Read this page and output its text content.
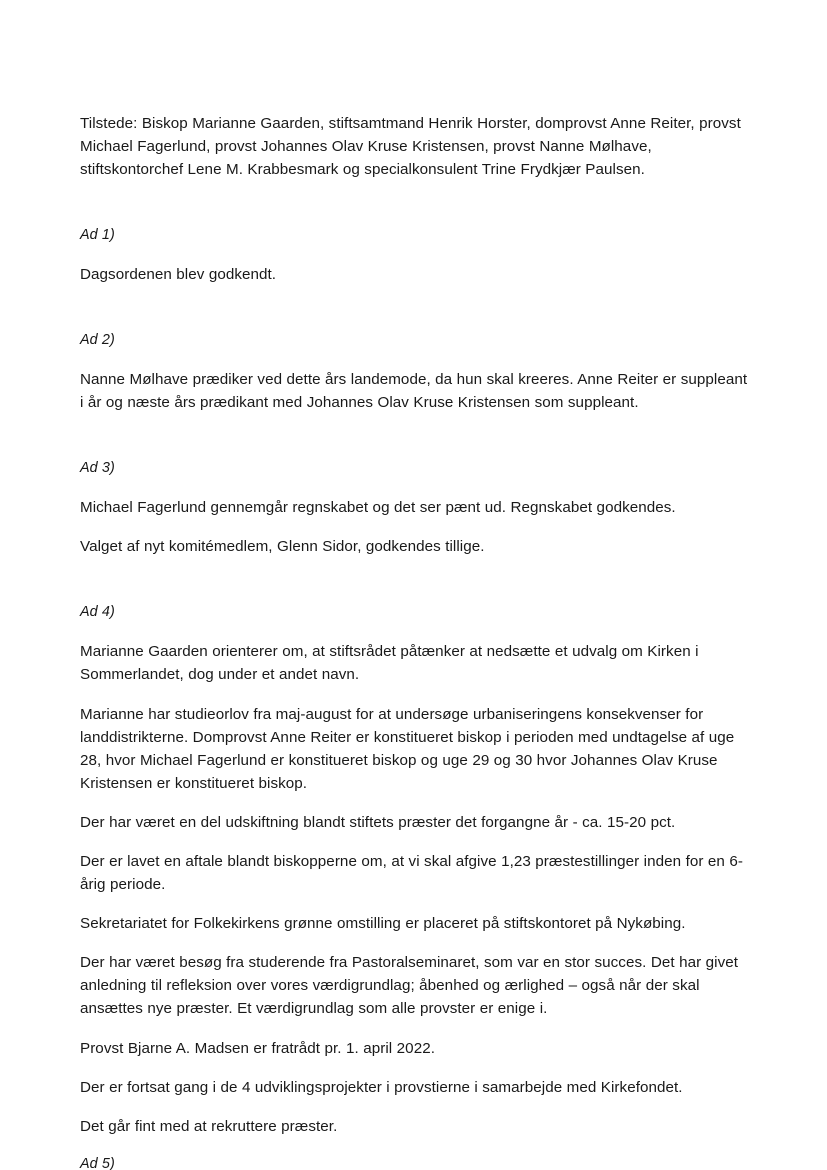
Tilstede: Biskop Marianne Gaarden, stiftsamtmand Henrik Horster, domprovst Anne Reiter, provst Michael Fagerlund, provst Johannes Olav Kruse Kristensen, provst Nanne Mølhave, stiftskontorchef Lene M. Krabbesmark og specialkonsulent Trine Frydkjær Paulsen.

Ad 1)

Dagsordenen blev godkendt.

Ad 2)

Nanne Mølhave prædiker ved dette års landemode, da hun skal kreeres. Anne Reiter er suppleant i år og næste års prædikant med Johannes Olav Kruse Kristensen som suppleant.

Ad 3)

Michael Fagerlund gennemgår regnskabet og det ser pænt ud. Regnskabet godkendes.

Valget af nyt komitémedlem, Glenn Sidor, godkendes tillige.

Ad 4)

Marianne Gaarden orienterer om, at stiftsrådet påtænker at nedsætte et udvalg om Kirken i Sommerlandet, dog under et andet navn.

Marianne har studieorlov fra maj-august for at undersøge urbaniseringens konsekvenser for landdistrikterne. Domprovst Anne Reiter er konstitueret biskop i perioden med undtagelse af uge 28, hvor Michael Fagerlund er konstitueret biskop og uge 29 og 30 hvor Johannes Olav Kruse Kristensen er konstitueret biskop.

Der har været en del udskiftning blandt stiftets præster det forgangne år - ca. 15-20 pct.

Der er lavet en aftale blandt biskopperne om, at vi skal afgive 1,23 præstestillinger inden for en 6-årig periode.

Sekretariatet for Folkekirkens grønne omstilling er placeret på stiftskontoret på Nykøbing.

Der har været besøg fra studerende fra Pastoralseminaret, som var en stor succes. Det har givet anledning til refleksion over vores værdigrundlag; åbenhed og ærlighed – også når der skal ansættes nye præster. Et værdigrundlag som alle provster er enige i.

Provst Bjarne A. Madsen er fratrådt pr. 1. april 2022.

Der er fortsat gang i de 4 udviklingsprojekter i provstierne i samarbejde med Kirkefondet.

Det går fint med at rekruttere præster.

Ad 5)
